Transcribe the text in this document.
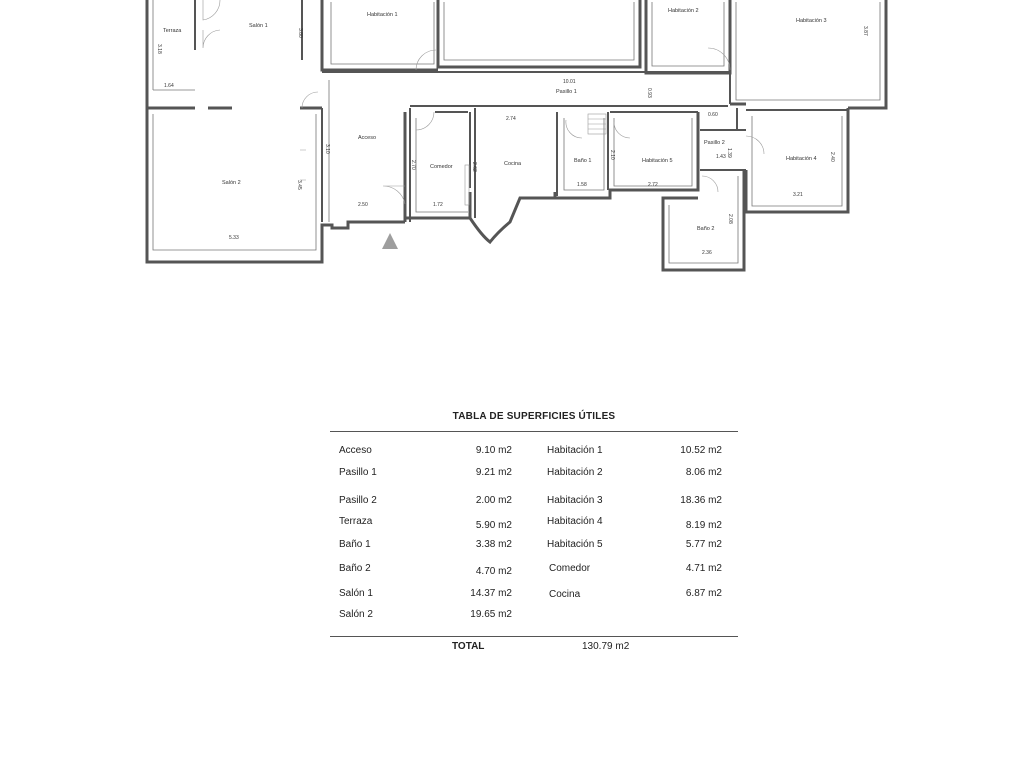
Terraza
Salón 1
Habitación 1
Habitación 2
Habitación 3
Pasillo 1
Acceso
Salón 2
Comedor	Cocina	Baño 1	Habitación 5
Pasillo 2
Habitación 4
Baño 2
3.18
1.64
3.80
10.01
0.93
3.87
3.10
2.50
5.33
3.45
2.70
1.72
2.74
2.62
1.58
2.10
2.72
0.60
1.43 1.39	2.40
3.21
2.08
2.36
TABLA DE SUPERFICIES ÚTILES
Acceso	9.10 m2
Pasillo 1	9.21 m2
Pasillo 2	2.00 m2
Terraza	5.90 m2
Baño 1	3.38 m2
Baño 2	4.70 m2
Salón 1	14.37 m2
Salón 2	19.65 m2
Habitación 1	10.52 m2
Habitación 2	8.06 m2
Habitación 3	18.36 m2
Habitación 4	8.19 m2
Habitación 5	5.77 m2
Comedor	4.71 m2
Cocina	6.87 m2
TOTAL	130.79 m2
